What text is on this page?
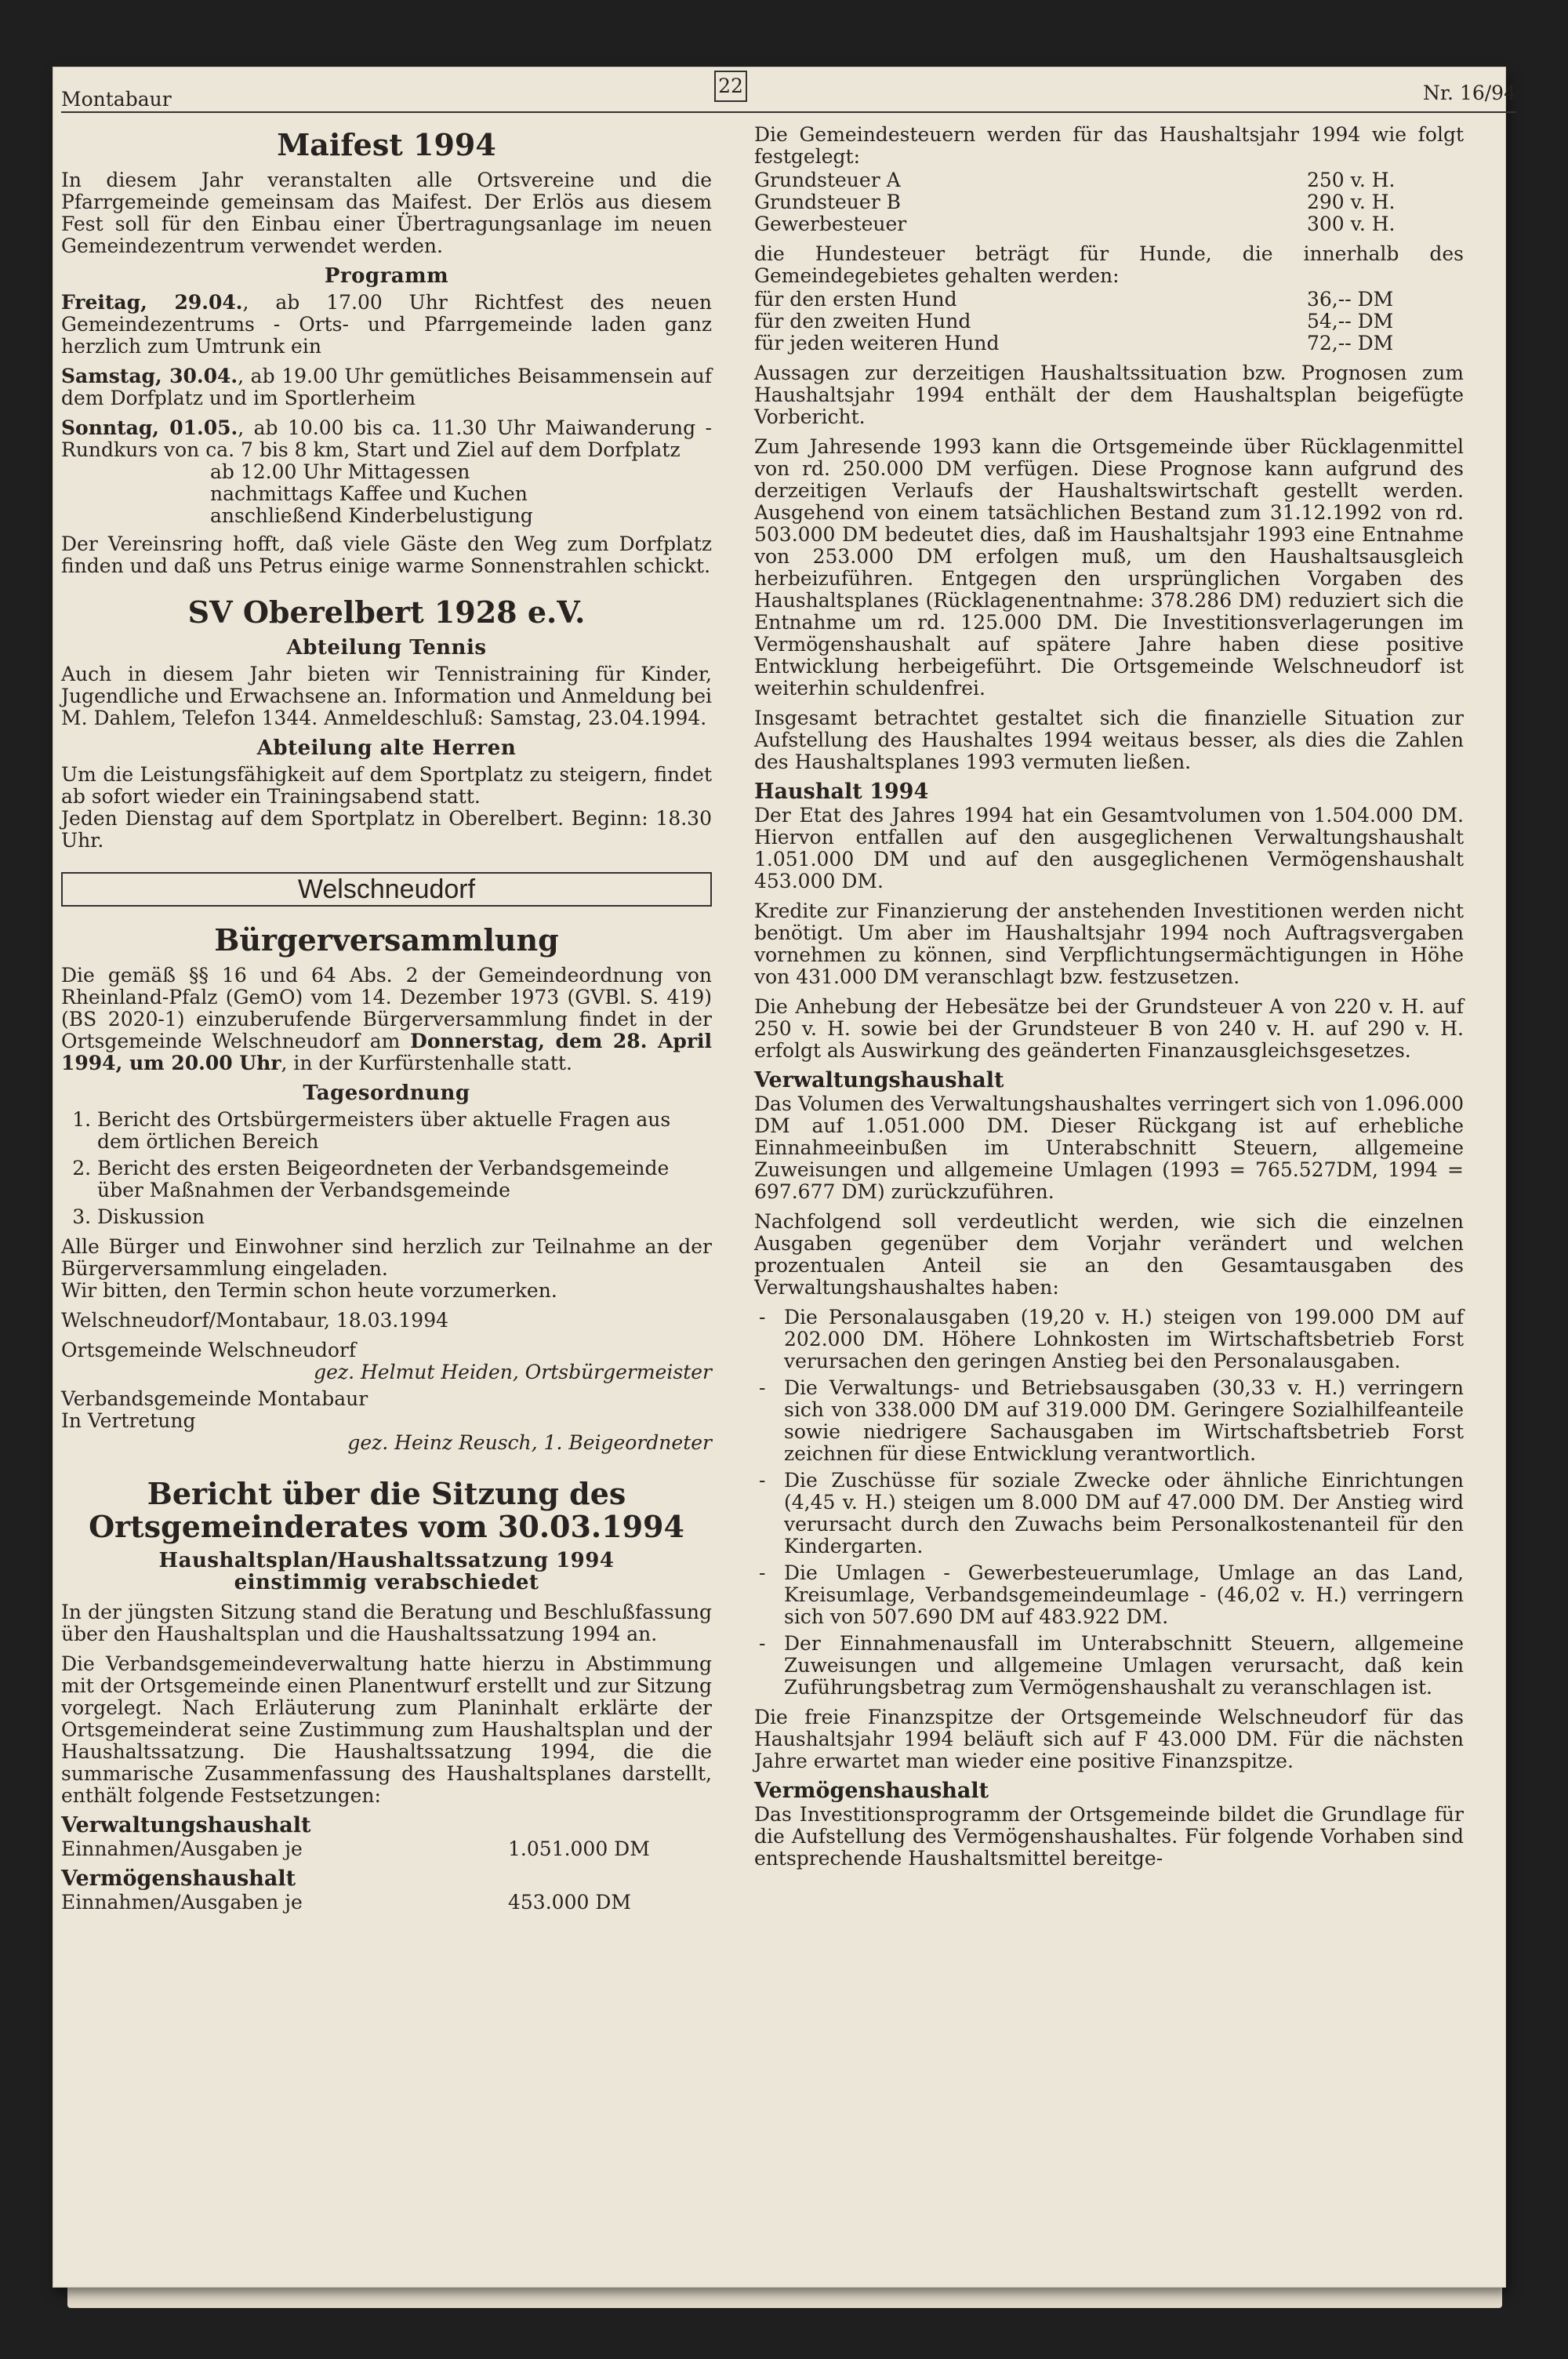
Montabaur
22	Nr. 16/94
Maifest 1994

In diesem Jahr veranstalten alle Ortsvereine und die Pfarrgemeinde gemeinsam das Maifest. Der Erlös aus diesem Fest soll für den Einbau einer Übertragungsanlage im neuen Gemeindezentrum verwendet werden.

Programm

Freitag, 29.04., ab 17.00 Uhr Richtfest des neuen Gemeindezentrums - Orts- und Pfarrgemeinde laden ganz herzlich zum Umtrunk ein

Samstag, 30.04., ab 19.00 Uhr gemütliches Beisammensein auf dem Dorfplatz und im Sportlerheim

Sonntag, 01.05., ab 10.00 bis ca. 11.30 Uhr Maiwanderung - Rundkurs von ca. 7 bis 8 km, Start und Ziel auf dem Dorfplatz

ab 12.00 Uhr Mittagessen
nachmittags Kaffee und Kuchen
anschließend Kinderbelustigung

Der Vereinsring hofft, daß viele Gäste den Weg zum Dorfplatz finden und daß uns Petrus einige warme Sonnenstrahlen schickt.

SV Oberelbert 1928 e.V.
Abteilung Tennis

Auch in diesem Jahr bieten wir Tennistraining für Kinder, Jugendliche und Erwachsene an. Information und Anmeldung bei M. Dahlem, Telefon 1344. Anmeldeschluß: Samstag, 23.04.1994.

Abteilung alte Herren

Um die Leistungsfähigkeit auf dem Sportplatz zu steigern, findet ab sofort wieder ein Trainingsabend statt.

Jeden Dienstag auf dem Sportplatz in Oberelbert. Beginn: 18.30 Uhr.

Welschneudorf
Bürgerversammlung

Die gemäß §§ 16 und 64 Abs. 2 der Gemeindeordnung von Rheinland-Pfalz (GemO) vom 14. Dezember 1973 (GVBl. S. 419) (BS 2020-1) einzuberufende Bürgerversammlung findet in der Ortsgemeinde Welschneudorf am Donnerstag, dem 28. April 1994, um 20.00 Uhr, in der Kurfürstenhalle statt.

Tagesordnung
1. Bericht des Ortsbürgermeisters über aktuelle Fragen aus dem örtlichen Bereich
2. Bericht des ersten Beigeordneten der Verbandsgemeinde über Maßnahmen der Verbandsgemeinde
3. Diskussion

Alle Bürger und Einwohner sind herzlich zur Teilnahme an der Bürgerversammlung eingeladen.

Wir bitten, den Termin schon heute vorzumerken.

Welschneudorf/Montabaur, 18.03.1994

Ortsgemeinde Welschneudorf

gez. Helmut Heiden, Ortsbürgermeister

Verbandsgemeinde Montabaur

In Vertretung

gez. Heinz Reusch, 1. Beigeordneter

Bericht über die Sitzung des
Ortsgemeinderates vom 30.03.1994
Haushaltsplan/Haushaltssatzung 1994
einstimmig verabschiedet

In der jüngsten Sitzung stand die Beratung und Beschlußfassung über den Haushaltsplan und die Haushaltssatzung 1994 an.

Die Verbandsgemeindeverwaltung hatte hierzu in Abstimmung mit der Ortsgemeinde einen Planentwurf erstellt und zur Sitzung vorgelegt. Nach Erläuterung zum Planinhalt erklärte der Ortsgemeinderat seine Zustimmung zum Haushaltsplan und der Haushaltssatzung. Die Haushaltssatzung 1994, die die summarische Zusammenfassung des Haushaltsplanes darstellt, enthält folgende Festsetzungen:

Verwaltungshaushalt
Einnahmen/Ausgaben je	1.051.000 DM
Vermögenshaushalt
Einnahmen/Ausgaben je	453.000 DM

Die Gemeindesteuern werden für das Haushaltsjahr 1994 wie folgt festgelegt:

Grundsteuer A	250 v. H.
Grundsteuer B	290 v. H.
Gewerbesteuer	300 v. H.

die Hundesteuer beträgt für Hunde, die innerhalb des Gemeindegebietes gehalten werden:

für den ersten Hund	36,-- DM
für den zweiten Hund	54,-- DM
für jeden weiteren Hund	72,-- DM

Aussagen zur derzeitigen Haushaltssituation bzw. Prognosen zum Haushaltsjahr 1994 enthält der dem Haushaltsplan beigefügte Vorbericht.

Zum Jahresende 1993 kann die Ortsgemeinde über Rücklagenmittel von rd. 250.000 DM verfügen. Diese Prognose kann aufgrund des derzeitigen Verlaufs der Haushaltswirtschaft gestellt werden. Ausgehend von einem tatsächlichen Bestand zum 31.12.1992 von rd. 503.000 DM bedeutet dies, daß im Haushaltsjahr 1993 eine Entnahme von 253.000 DM erfolgen muß, um den Haushaltsausgleich herbeizuführen. Entgegen den ursprünglichen Vorgaben des Haushaltsplanes (Rücklagenentnahme: 378.286 DM) reduziert sich die Entnahme um rd. 125.000 DM. Die Investitionsverlagerungen im Vermögenshaushalt auf spätere Jahre haben diese positive Entwicklung herbeigeführt. Die Ortsgemeinde Welschneudorf ist weiterhin schuldenfrei.

Insgesamt betrachtet gestaltet sich die finanzielle Situation zur Aufstellung des Haushaltes 1994 weitaus besser, als dies die Zahlen des Haushaltsplanes 1993 vermuten ließen.

Haushalt 1994

Der Etat des Jahres 1994 hat ein Gesamtvolumen von 1.504.000 DM. Hiervon entfallen auf den ausgeglichenen Verwaltungshaushalt 1.051.000 DM und auf den ausgeglichenen Vermögenshaushalt 453.000 DM.

Kredite zur Finanzierung der anstehenden Investitionen werden nicht benötigt. Um aber im Haushaltsjahr 1994 noch Auftragsvergaben vornehmen zu können, sind Verpflichtungsermächtigungen in Höhe von 431.000 DM veranschlagt bzw. festzusetzen.

Die Anhebung der Hebesätze bei der Grundsteuer A von 220 v. H. auf 250 v. H. sowie bei der Grundsteuer B von 240 v. H. auf 290 v. H. erfolgt als Auswirkung des geänderten Finanzausgleichsgesetzes.

Verwaltungshaushalt

Das Volumen des Verwaltungshaushaltes verringert sich von 1.096.000 DM auf 1.051.000 DM. Dieser Rückgang ist auf erhebliche Einnahmeeinbußen im Unterabschnitt Steuern, allgemeine Zuweisungen und allgemeine Umlagen (1993 = 765.527DM, 1994 = 697.677 DM) zurückzuführen.

Nachfolgend soll verdeutlicht werden, wie sich die einzelnen Ausgaben gegenüber dem Vorjahr verändert und welchen prozentualen Anteil sie an den Gesamtausgaben des Verwaltungshaushaltes haben:

- Die Personalausgaben (19,20 v. H.) steigen von 199.000 DM auf 202.000 DM. Höhere Lohnkosten im Wirtschaftsbetrieb Forst verursachen den geringen Anstieg bei den Personalausgaben.
- Die Verwaltungs- und Betriebsausgaben (30,33 v. H.) verringern sich von 338.000 DM auf 319.000 DM. Geringere Sozialhilfeanteile sowie niedrigere Sachausgaben im Wirtschaftsbetrieb Forst zeichnen für diese Entwicklung verantwortlich.
- Die Zuschüsse für soziale Zwecke oder ähnliche Einrichtungen (4,45 v. H.) steigen um 8.000 DM auf 47.000 DM. Der Anstieg wird verursacht durch den Zuwachs beim Personalkostenanteil für den Kindergarten.
- Die Umlagen - Gewerbesteuerumlage, Umlage an das Land, Kreisumlage, Verbandsgemeindeumlage - (46,02 v. H.) verringern sich von 507.690 DM auf 483.922 DM.
- Der Einnahmenausfall im Unterabschnitt Steuern, allgemeine Zuweisungen und allgemeine Umlagen verursacht, daß kein Zuführungsbetrag zum Vermögenshaushalt zu veranschlagen ist.

Die freie Finanzspitze der Ortsgemeinde Welschneudorf für das Haushaltsjahr 1994 beläuft sich auf F 43.000 DM. Für die nächsten Jahre erwartet man wieder eine positive Finanzspitze.

Vermögenshaushalt

Das Investitionsprogramm der Ortsgemeinde bildet die Grundlage für die Aufstellung des Vermögenshaushaltes. Für folgende Vorhaben sind entsprechende Haushaltsmittel bereitge-
